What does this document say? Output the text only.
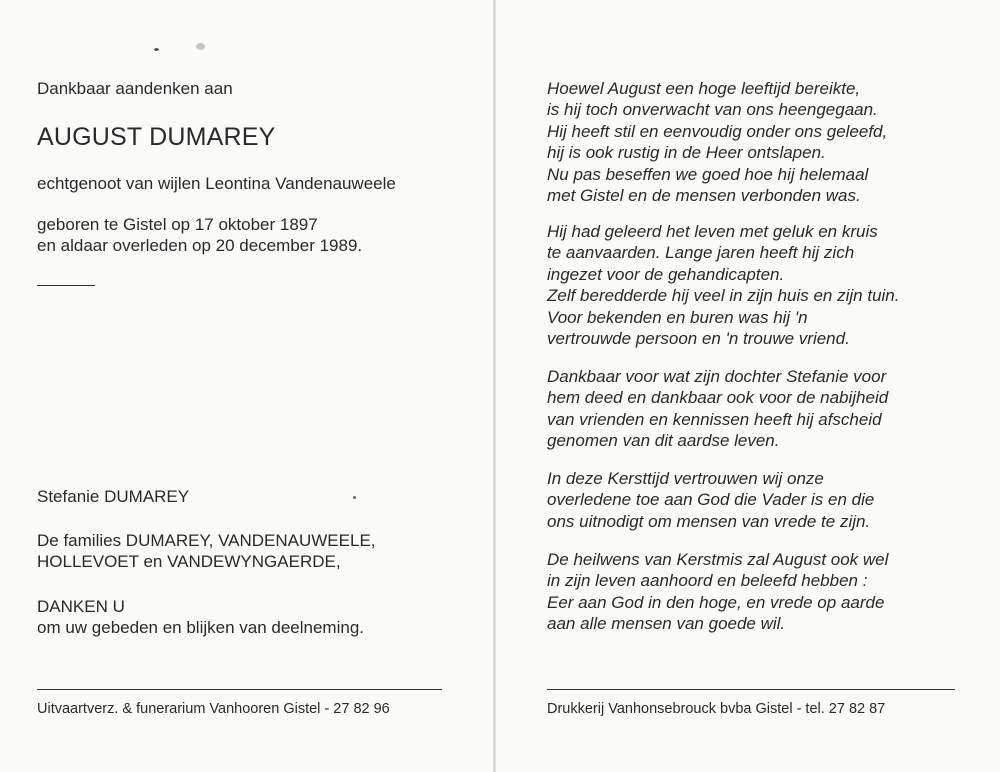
Dankbaar aandenken aan
AUGUST DUMAREY
echtgenoot van wijlen Leontina Vandenauweele
geboren te Gistel op 17 oktober 1897
en aldaar overleden op 20 december 1989.
Stefanie DUMAREY
De families DUMAREY, VANDENAUWEELE,
HOLLEVOET en VANDEWYNGAERDE,
DANKEN U
om uw gebeden en blijken van deelneming.
Uitvaartverz. & funerarium Vanhooren Gistel - 27 82 96
Hoewel August een hoge leeftijd bereikte,
is hij toch onverwacht van ons heengegaan.
Hij heeft stil en eenvoudig onder ons geleefd,
hij is ook rustig in de Heer ontslapen.
Nu pas beseffen we goed hoe hij helemaal
met Gistel en de mensen verbonden was.
Hij had geleerd het leven met geluk en kruis
te aanvaarden. Lange jaren heeft hij zich
ingezet voor de gehandicapten.
Zelf beredderde hij veel in zijn huis en zijn tuin.
Voor bekenden en buren was hij 'n
vertrouwde persoon en 'n trouwe vriend.
Dankbaar voor wat zijn dochter Stefanie voor
hem deed en dankbaar ook voor de nabijheid
van vrienden en kennissen heeft hij afscheid
genomen van dit aardse leven.
In deze Kersttijd vertrouwen wij onze
overledene toe aan God die Vader is en die
ons uitnodigt om mensen van vrede te zijn.
De heilwens van Kerstmis zal August ook wel
in zijn leven aanhoord en beleefd hebben :
Eer aan God in den hoge, en vrede op aarde
aan alle mensen van goede wil.
Drukkerij Vanhonsebrouck bvba Gistel - tel. 27 82 87
